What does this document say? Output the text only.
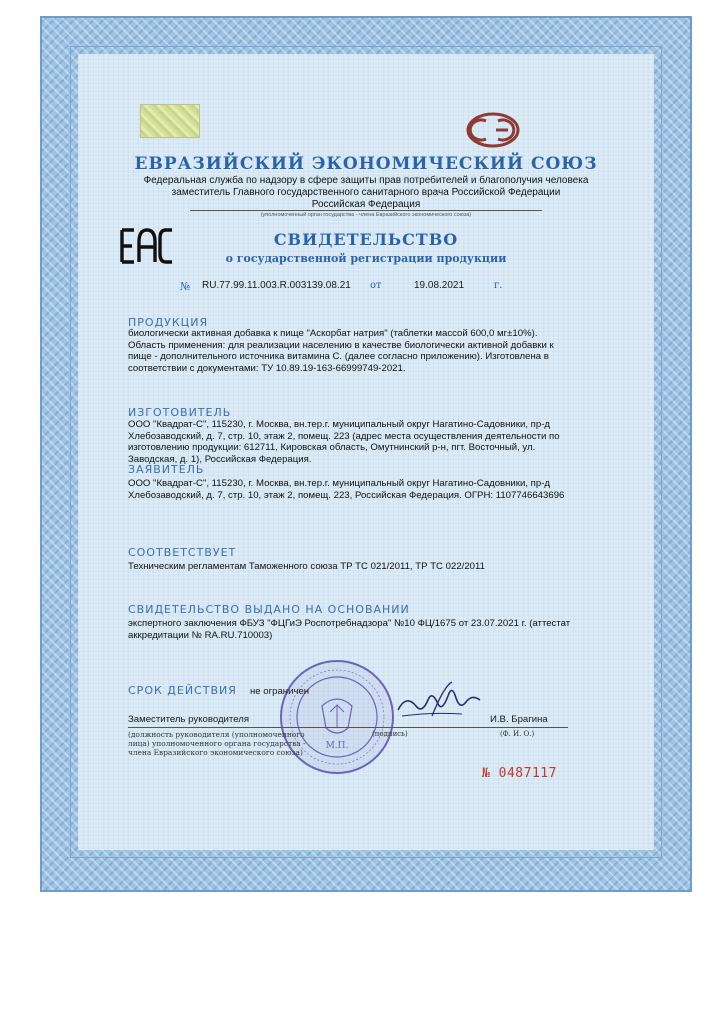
ЕВРАЗИЙСКИЙ ЭКОНОМИЧЕСКИЙ СОЮЗ
Федеральная служба по надзору в сфере защиты прав потребителей и благополучия человека
заместитель Главного государственного санитарного врача Российской Федерации
Российская Федерация
(уполномоченный орган государства - члена Евразийского экономического союза)
СВИДЕТЕЛЬСТВО
о государственной регистрации продукции
№ RU.77.99.11.003.R.003139.08.21 от	19.08.2021	г.
ПРОДУКЦИЯ
биологически активная добавка к пище "Аскорбат натрия" (таблетки массой 600,0 мг±10%).
Область применения: для реализации населению в качестве биологически активной добавки к
пище - дополнительного источника витамина С. (далее согласно приложению). Изготовлена в
соответствии с документами: ТУ 10.89.19-163-66999749-2021.
ИЗГОТОВИТЕЛЬ
ООО "Квадрат-С", 115230, г. Москва, вн.тер.г. муниципальный округ Нагатино-Садовники, пр-д
Хлебозаводский, д. 7, стр. 10, этаж 2, помещ. 223 (адрес места осуществления деятельности по
изготовлению продукции: 612711, Кировская область, Омутнинский р-н, пгт. Восточный, ул.
Заводская, д. 1), Российская Федерация.
ЗАЯВИТЕЛЬ
ООО "Квадрат-С", 115230, г. Москва, вн.тер.г. муниципальный округ Нагатино-Садовники, пр-д
Хлебозаводский, д. 7, стр. 10, этаж 2, помещ. 223, Российская Федерация. ОГРН: 1107746643696
СООТВЕТСТВУЕТ
Техническим регламентам Таможенного союза ТР ТС 021/2011, ТР ТС 022/2011
СВИДЕТЕЛЬСТВО ВЫДАНО НА ОСНОВАНИИ
экспертного заключения ФБУЗ "ФЦГиЭ Роспотребнадзора" №10 ФЦ/1675 от 23.07.2021 г. (аттестат
аккредитации № RA.RU.710003)
М.П.
СРОК ДЕЙСТВИЯ не ограничен
Заместитель руководителя	И.В. Брагина
(должность руководителя (уполномоченного
лица) уполномоченного органа государства -
члена Евразийского экономического союза)
(подпись)	(Ф. И. О.)
№ 0487117
